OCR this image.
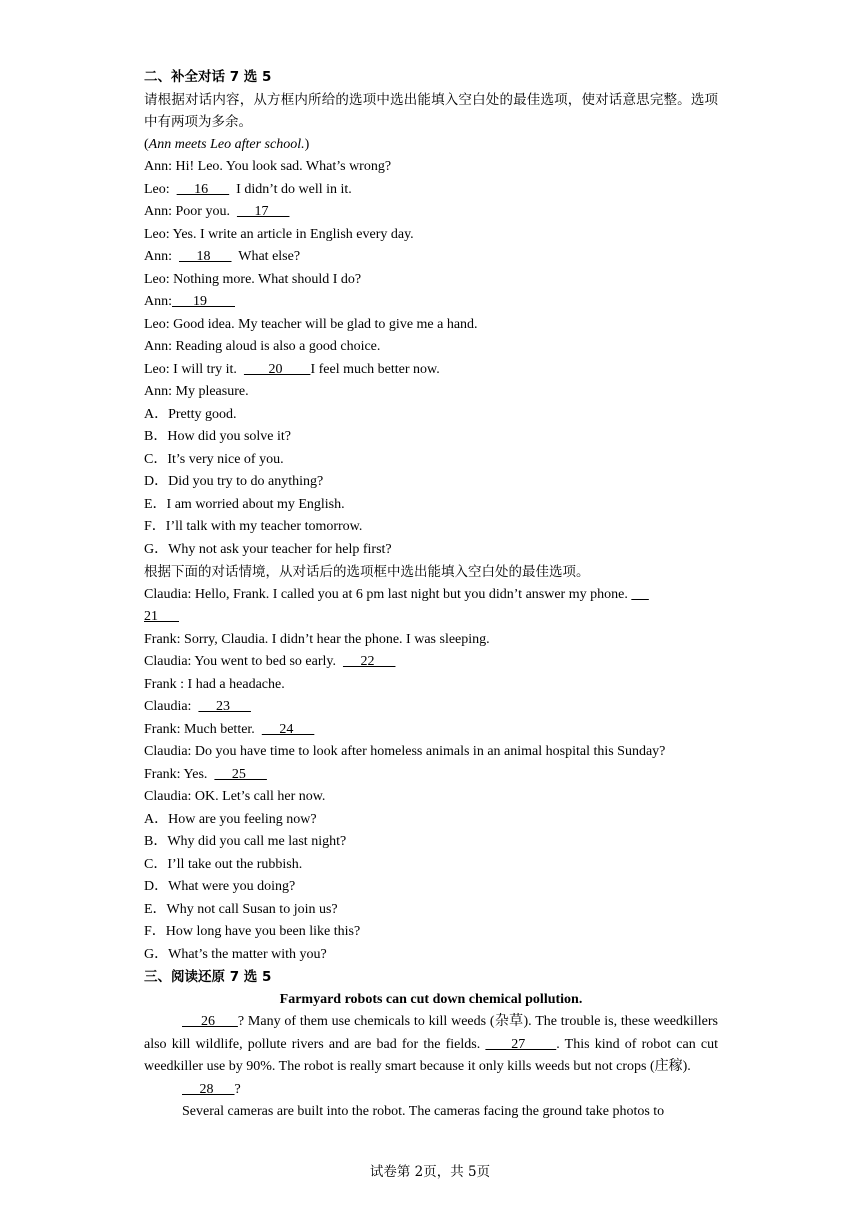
二、补全对话 7 选 5
请根据对话内容，从方框内所给的选项中选出能填入空白处的最佳选项，使对话意思完整。选项中有两项为多余。
(Ann meets Leo after school.)
Ann: Hi! Leo. You look sad. What’s wrong?
Leo:       16        I didn’t do well in it.
Ann: Poor you.       17
Leo: Yes. I write an article in English every day.
Ann:       18        What else?
Leo: Nothing more. What should I do?
Ann:      19
Leo: Good idea. My teacher will be glad to give me a hand.
Ann: Reading aloud is also a good choice.
Leo: I will try it.         20        I feel much better now.
Ann: My pleasure.
A．Pretty good.
B．How did you solve it?
C．It’s very nice of you.
D．Did you try to do anything?
E．I am worried about my English.
F．I’ll talk with my teacher tomorrow.
G．Why not ask your teacher for help first?
根据下面的对话情境，从对话后的选项框中选出能填入空白处的最佳选项。
Claudia: Hello, Frank. I called you at 6 pm last night but you didn’t answer my phone.
21
Frank: Sorry, Claudia. I didn’t hear the phone. I was sleeping.
Claudia: You went to bed so early.       22
Frank : I had a headache.
Claudia:       23
Frank: Much better.       24
Claudia: Do you have time to look after homeless animals in an animal hospital this Sunday?
Frank: Yes.       25
Claudia: OK. Let’s call her now.
A．How are you feeling now?
B．Why did you call me last night?
C．I’ll take out the rubbish.
D．What were you doing?
E．Why not call Susan to join us?
F．How long have you been like this?
G．What’s the matter with you?
三、阅读还原 7 选 5
Farmyard robots can cut down chemical pollution.
26      ? Many of them use chemicals to kill weeds (杂草). The trouble is, these weedkillers also kill wildlife, pollute rivers and are bad for the fields.      27      . This kind of robot can cut weedkiller use by 90%. The robot is really smart because it only kills weeds but not crops (庄稼).
28      ?
Several cameras are built into the robot. The cameras facing the ground take photos to
试卷第 2页，共 5页
